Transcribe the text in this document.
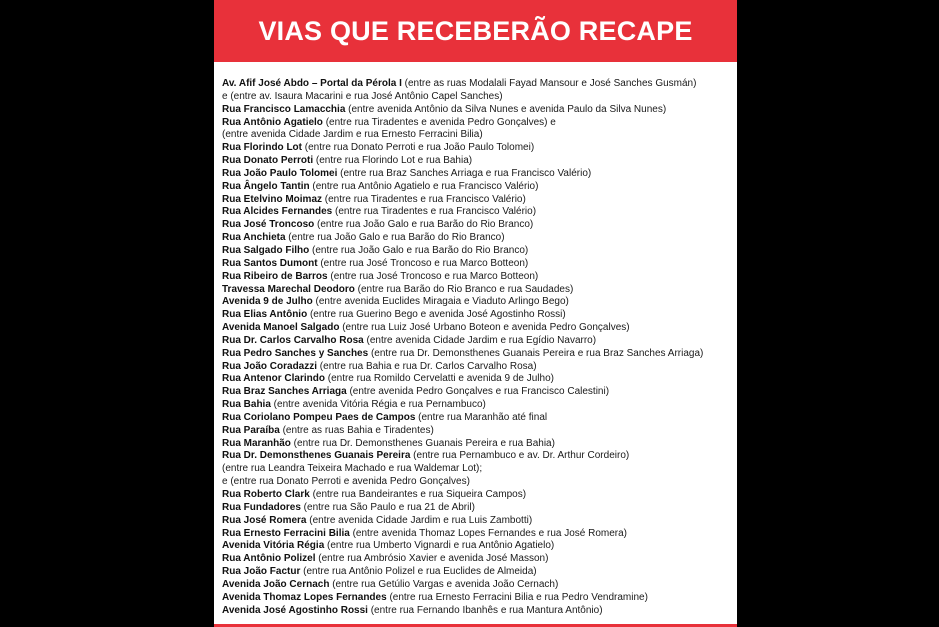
VIAS QUE RECEBERÃO RECAPE
Av. Afif José Abdo – Portal da Pérola I (entre as ruas Modalali Fayad Mansour e José Sanches Gusmán)
e (entre av. Isaura Macarini e rua José Antônio Capel Sanches)
Rua Francisco Lamacchia (entre avenida Antônio da Silva Nunes e avenida Paulo da Silva Nunes)
Rua Antônio Agatielo (entre rua Tiradentes e avenida Pedro Gonçalves) e
(entre avenida Cidade Jardim e rua Ernesto Ferracini Bilia)
Rua Florindo Lot (entre rua Donato Perroti e rua João Paulo Tolomei)
Rua Donato Perroti (entre rua Florindo Lot e rua Bahia)
Rua João Paulo Tolomei (entre rua Braz Sanches Arriaga e rua Francisco Valério)
Rua Ângelo Tantin (entre rua Antônio Agatielo e rua Francisco Valério)
Rua Etelvino Moimaz (entre rua Tiradentes e rua Francisco Valério)
Rua Alcides Fernandes (entre rua Tiradentes e rua Francisco Valério)
Rua José Troncoso (entre rua João Galo e rua Barão do Rio Branco)
Rua Anchieta (entre rua João Galo e rua Barão do Rio Branco)
Rua Salgado Filho (entre rua João Galo e rua Barão do Rio Branco)
Rua Santos Dumont (entre rua José Troncoso e rua Marco Botteon)
Rua Ribeiro de Barros (entre rua José Troncoso e rua Marco Botteon)
Travessa Marechal Deodoro (entre rua Barão do Rio Branco e rua Saudades)
Avenida 9 de Julho (entre avenida Euclides Miragaia e Viaduto Arlingo Bego)
Rua Elias Antônio (entre rua Guerino Bego e avenida José Agostinho Rossi)
Avenida Manoel Salgado (entre rua Luiz José Urbano Boteon e avenida Pedro Gonçalves)
Rua Dr. Carlos Carvalho Rosa (entre avenida Cidade Jardim e rua Egídio Navarro)
Rua Pedro Sanches y Sanches (entre rua Dr. Demonsthenes Guanais Pereira e rua Braz Sanches Arriaga)
Rua João Coradazzi (entre rua Bahia e rua Dr. Carlos Carvalho Rosa)
Rua Antenor Clarindo (entre rua Romildo Cervelatti e avenida 9 de Julho)
Rua Braz Sanches Arriaga (entre avenida Pedro Gonçalves e rua Francisco Calestini)
Rua Bahia (entre avenida Vitória Régia e rua Pernambuco)
Rua Coriolano Pompeu Paes de Campos (entre rua Maranhão até final
Rua Paraíba (entre as ruas Bahia e Tiradentes)
Rua Maranhão (entre rua Dr. Demonsthenes Guanais Pereira e rua Bahia)
Rua Dr. Demonsthenes Guanais Pereira (entre rua Pernambuco e av. Dr. Arthur Cordeiro)
(entre rua Leandra Teixeira Machado e rua Waldemar Lot);
e (entre rua Donato Perroti e avenida Pedro Gonçalves)
Rua Roberto Clark (entre rua Bandeirantes e rua Siqueira Campos)
Rua Fundadores (entre rua São Paulo e rua 21 de Abril)
Rua José Romera (entre avenida Cidade Jardim e rua Luis Zambotti)
Rua Ernesto Ferracini Bilia (entre avenida Thomaz Lopes Fernandes e rua José Romera)
Avenida Vitória Régia (entre rua Umberto Vignardi e rua Antônio Agatielo)
Rua Antônio Polizel (entre rua Ambrósio Xavier e avenida José Masson)
Rua João Factur (entre rua Antônio Polizel e rua Euclides de Almeida)
Avenida João Cernach (entre rua Getúlio Vargas e avenida João Cernach)
Avenida Thomaz Lopes Fernandes (entre rua Ernesto Ferracini Bilia e rua Pedro Vendramine)
Avenida José Agostinho Rossi (entre rua Fernando Ibanhês e rua Mantura Antônio)
